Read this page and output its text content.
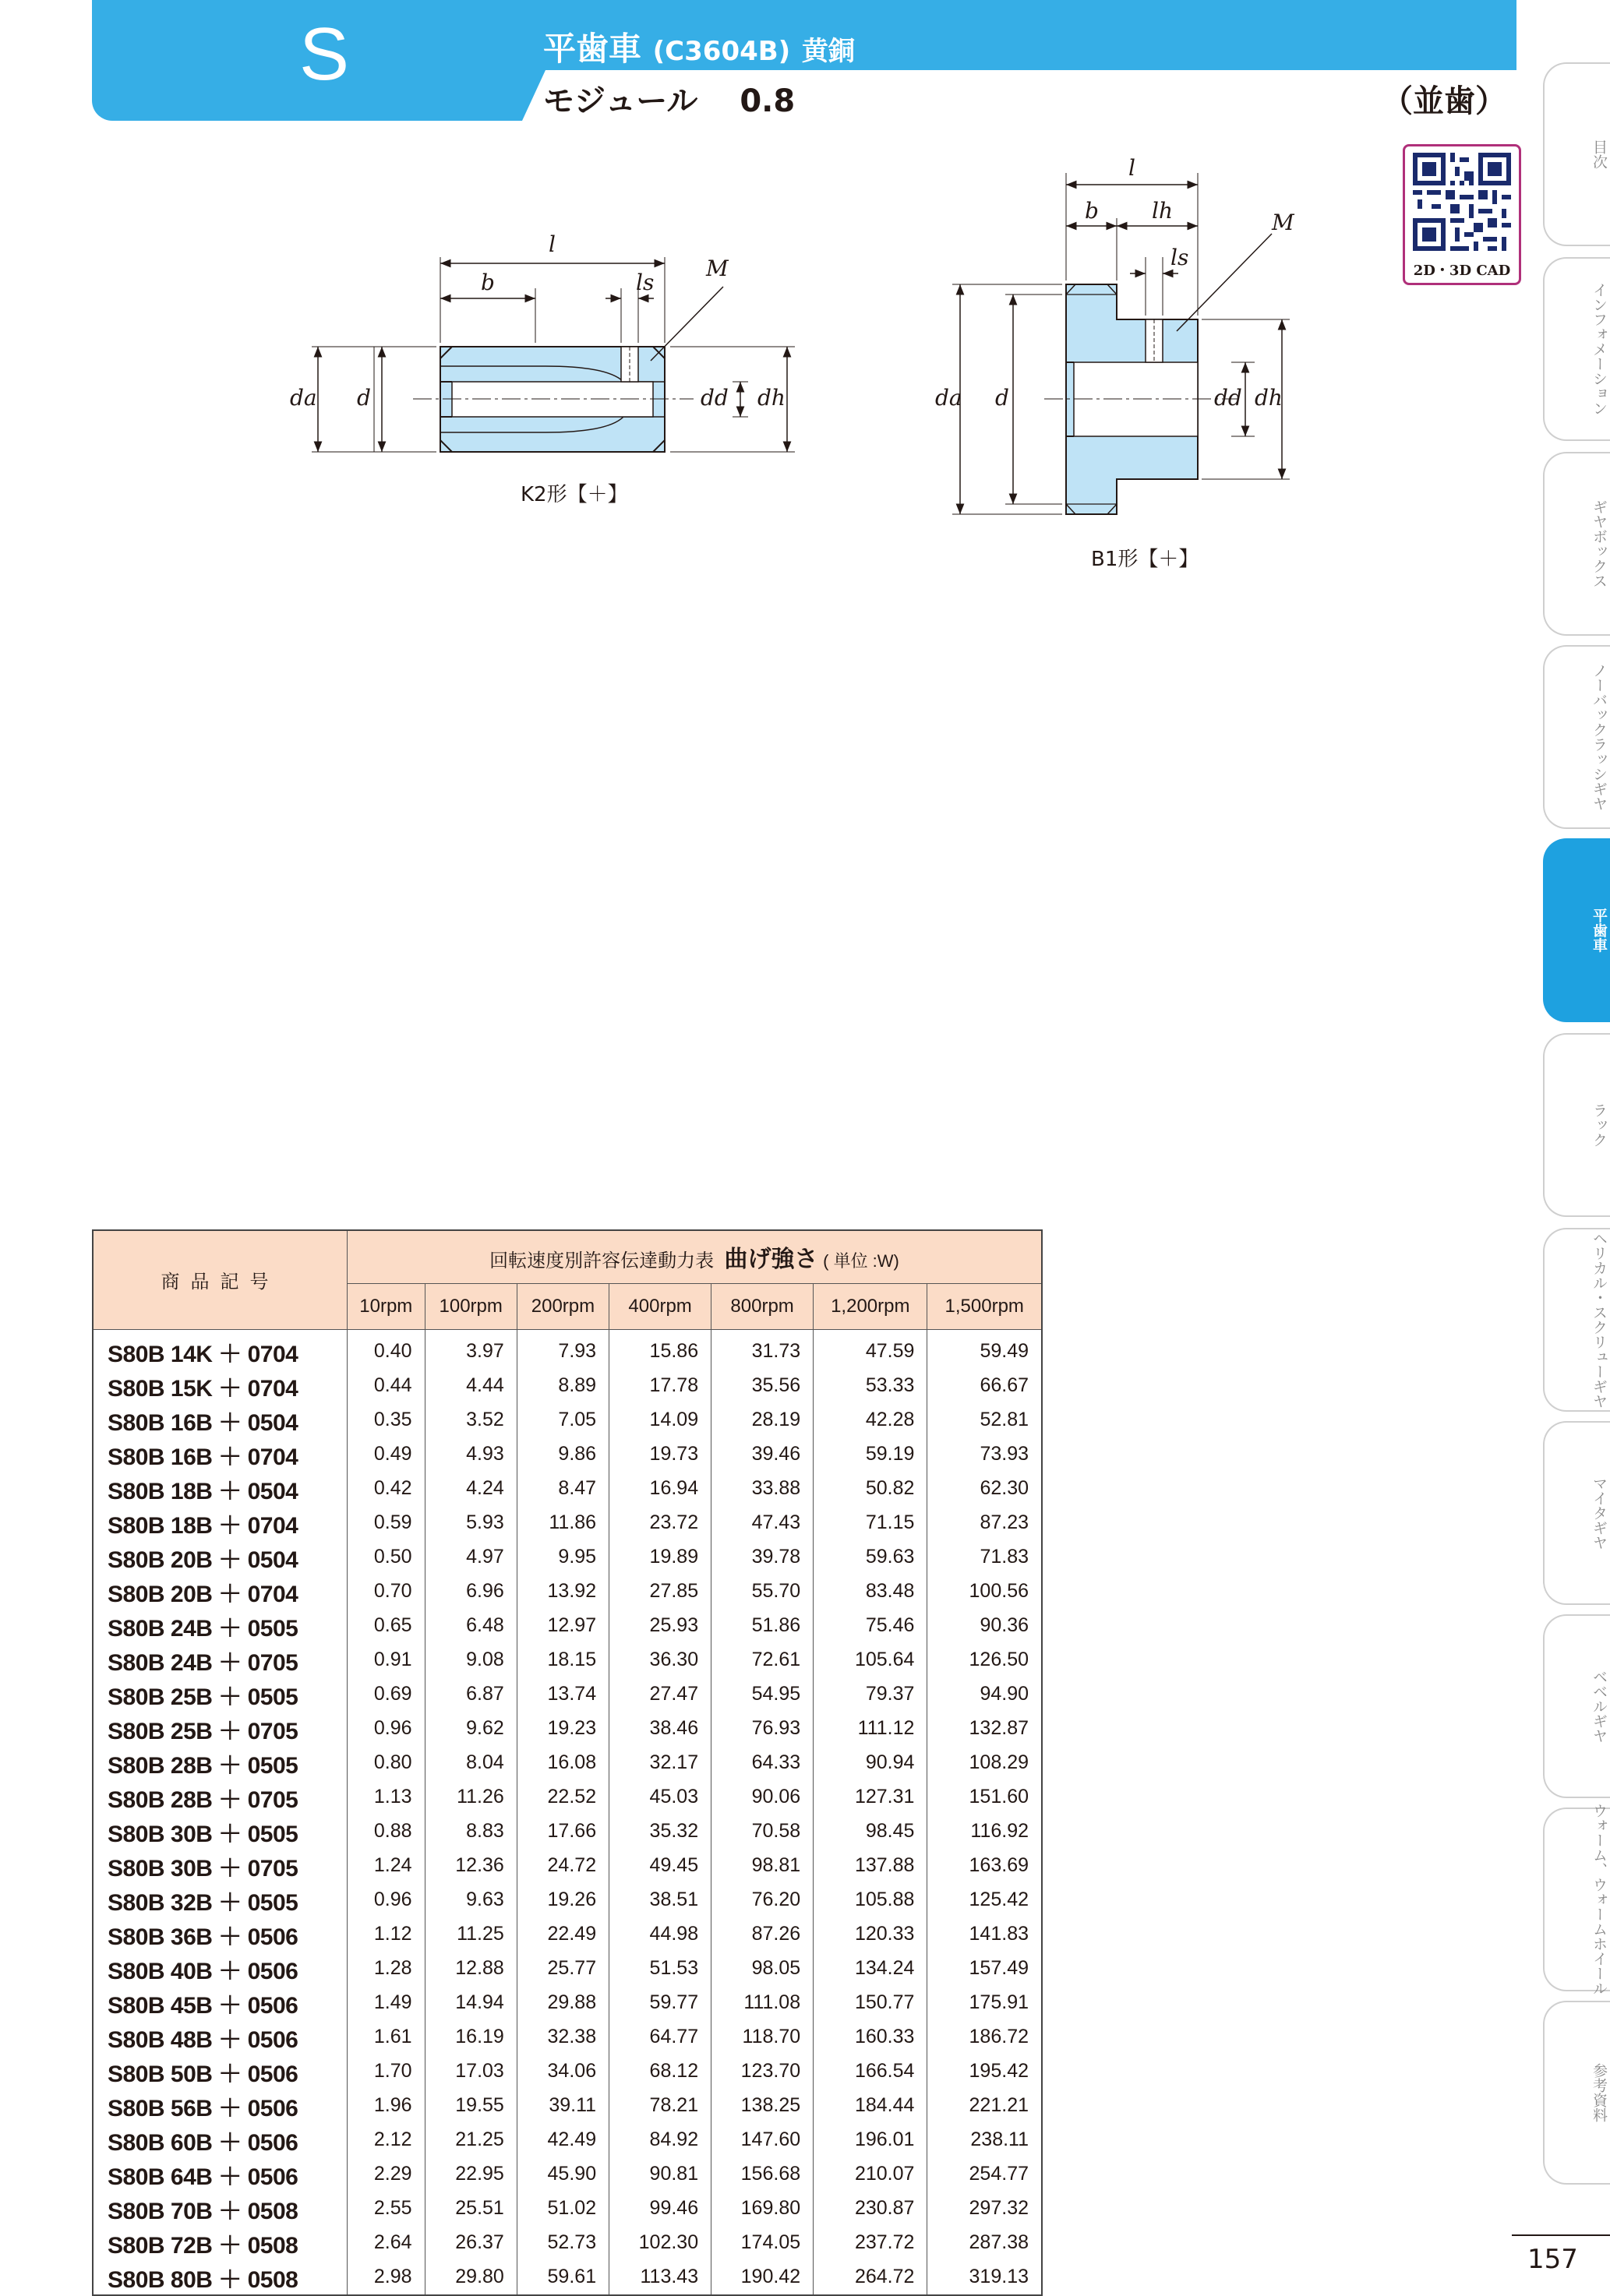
S	平歯車 (C3604B) 黄銅
モジュール 0.8	（並歯）
2D・3D CAD
l
b	ls
M
da d	dd dh
l
b lh
ls
M
da d	dd dh
K2形【＋】
B1形【＋】
目次
インフォメーション
ギヤボックス
ノーバックラッシギヤ
平歯車
ラック
ヘリカル・スクリューギヤ
マイタギヤ
ベベルギヤ
ウォーム、ウォームホイール
参考資料
157
商品記号	回転速度別許容伝達動力表 曲げ強さ ( 単位 :W)						
	10rpm	100rpm	200rpm	400rpm	800rpm	1,200rpm	1,500rpm
S80B 14K ＋ 0704	0.40	3.97	7.93	15.86	31.73	47.59	59.49
S80B 15K ＋ 0704	0.44	4.44	8.89	17.78	35.56	53.33	66.67
S80B 16B ＋ 0504	0.35	3.52	7.05	14.09	28.19	42.28	52.81
S80B 16B ＋ 0704	0.49	4.93	9.86	19.73	39.46	59.19	73.93
S80B 18B ＋ 0504	0.42	4.24	8.47	16.94	33.88	50.82	62.30
S80B 18B ＋ 0704	0.59	5.93	11.86	23.72	47.43	71.15	87.23
S80B 20B ＋ 0504	0.50	4.97	9.95	19.89	39.78	59.63	71.83
S80B 20B ＋ 0704	0.70	6.96	13.92	27.85	55.70	83.48	100.56
S80B 24B ＋ 0505	0.65	6.48	12.97	25.93	51.86	75.46	90.36
S80B 24B ＋ 0705	0.91	9.08	18.15	36.30	72.61	105.64	126.50
S80B 25B ＋ 0505	0.69	6.87	13.74	27.47	54.95	79.37	94.90
S80B 25B ＋ 0705	0.96	9.62	19.23	38.46	76.93	111.12	132.87
S80B 28B ＋ 0505	0.80	8.04	16.08	32.17	64.33	90.94	108.29
S80B 28B ＋ 0705	1.13	11.26	22.52	45.03	90.06	127.31	151.60
S80B 30B ＋ 0505	0.88	8.83	17.66	35.32	70.58	98.45	116.92
S80B 30B ＋ 0705	1.24	12.36	24.72	49.45	98.81	137.88	163.69
S80B 32B ＋ 0505	0.96	9.63	19.26	38.51	76.20	105.88	125.42
S80B 36B ＋ 0506	1.12	11.25	22.49	44.98	87.26	120.33	141.83
S80B 40B ＋ 0506	1.28	12.88	25.77	51.53	98.05	134.24	157.49
S80B 45B ＋ 0506	1.49	14.94	29.88	59.77	111.08	150.77	175.91
S80B 48B ＋ 0506	1.61	16.19	32.38	64.77	118.70	160.33	186.72
S80B 50B ＋ 0506	1.70	17.03	34.06	68.12	123.70	166.54	195.42
S80B 56B ＋ 0506	1.96	19.55	39.11	78.21	138.25	184.44	221.21
S80B 60B ＋ 0506	2.12	21.25	42.49	84.92	147.60	196.01	238.11
S80B 64B ＋ 0506	2.29	22.95	45.90	90.81	156.68	210.07	254.77
S80B 70B ＋ 0508	2.55	25.51	51.02	99.46	169.80	230.87	297.32
S80B 72B ＋ 0508	2.64	26.37	52.73	102.30	174.05	237.72	287.38
S80B 80B ＋ 0508	2.98	29.80	59.61	113.43	190.42	264.72	319.13
